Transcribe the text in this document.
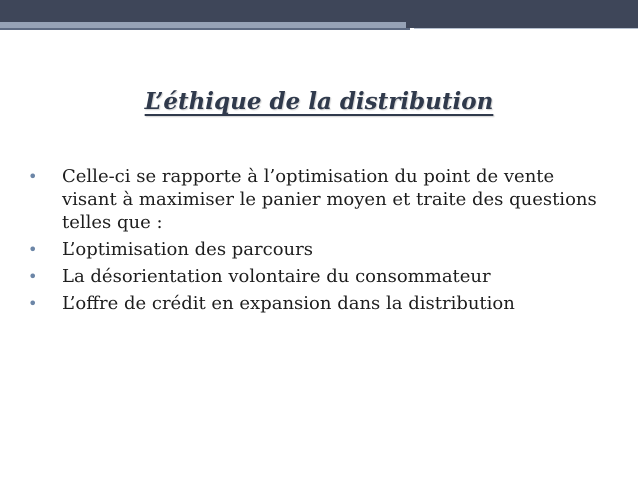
L’éthique de la distribution
•	Celle-ci se rapporte à l’optimisation du point de vente visant à maximiser le panier moyen et traite des questions telles que :
•	L’optimisation des parcours
•	La désorientation volontaire du consommateur
•	L’offre de crédit en expansion dans la distribution
